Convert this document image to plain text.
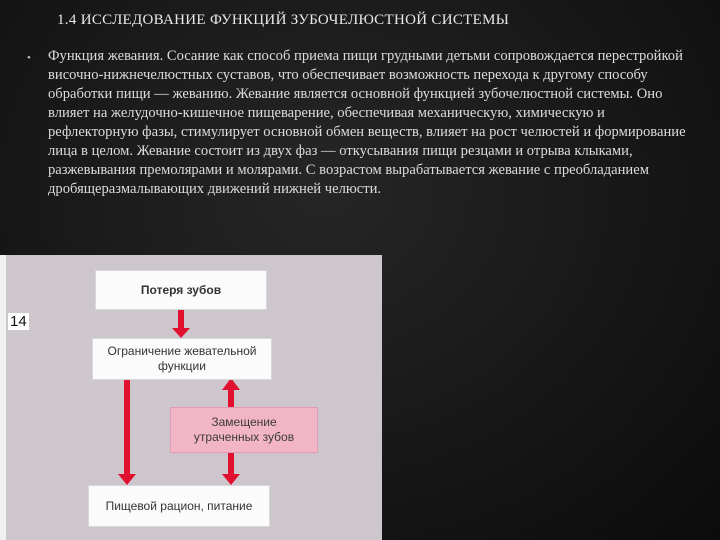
1.4 ИССЛЕДОВАНИЕ ФУНКЦИЙ ЗУБОЧЕЛЮСТНОЙ СИСТЕМЫ
• Функция жевания. Сосание как способ приема пищи грудными детьми сопровождается перестройкой височно-нижнечелюстных суставов, что обеспечивает возможность перехода к другому способу обработки пищи — жеванию. Жевание является основной функцией зубочелюстной системы. Оно влияет на желудочно-кишечное пищеварение, обеспечивая механическую, химическую и рефлекторную фазы, стимулирует основной обмен веществ, влияет на рост челюстей и формирование лица в целом. Жевание состоит из двух фаз — откусывания пищи резцами и отрыва клыками, разжевывания премолярами и молярами. С возрастом вырабатывается жевание с преобладанием дробящеразмалывающих движений нижней челюсти.
Потеря зубов
Ограничение жевательной
функции
Замещение
утраченных зубов
Пищевой рацион, питание
14
